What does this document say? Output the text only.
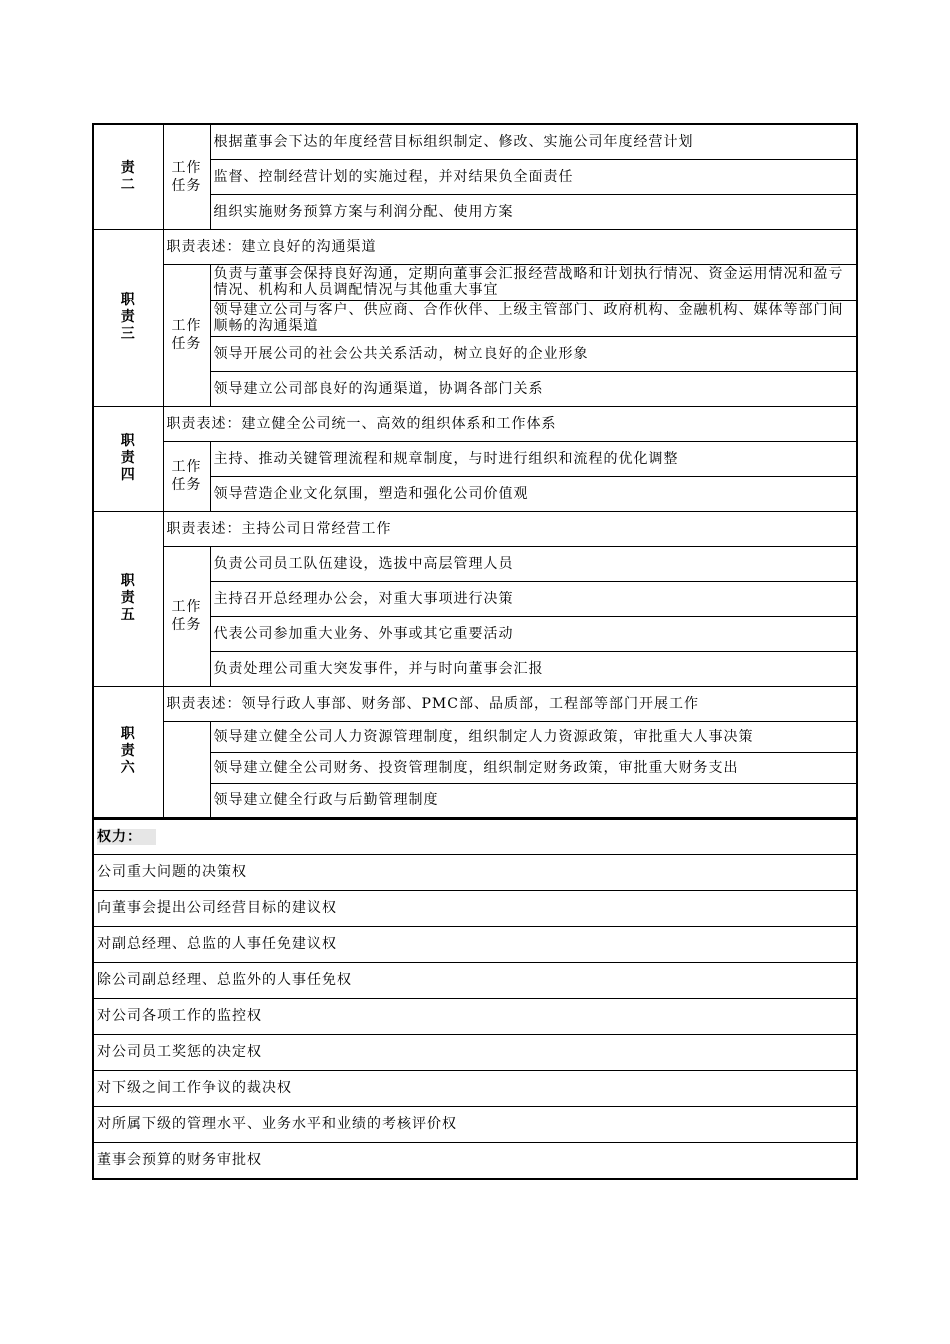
责二	工作任务	根据董事会下达的年度经营目标组织制定、修改、实施公司年度经营计划
		监督、控制经营计划的实施过程，并对结果负全面责任
		组织实施财务预算方案与利润分配、使用方案
职责三	职责表述：建立良好的沟通渠道	
	工作任务	负责与董事会保持良好沟通，定期向董事会汇报经营战略和计划执行情况、资金运用情况和盈亏情况、机构和人员调配情况与其他重大事宜
		领导建立公司与客户、供应商、合作伙伴、上级主管部门、政府机构、金融机构、媒体等部门间顺畅的沟通渠道
		领导开展公司的社会公共关系活动，树立良好的企业形象
		领导建立公司部良好的沟通渠道，协调各部门关系
职责四	职责表述：建立健全公司统一、高效的组织体系和工作体系	
	工作任务	主持、推动关键管理流程和规章制度，与时进行组织和流程的优化调整
		领导营造企业文化氛围，塑造和强化公司价值观
职责五	职责表述：主持公司日常经营工作	
	工作任务	负责公司员工队伍建设，选拔中高层管理人员
		主持召开总经理办公会，对重大事项进行决策
		代表公司参加重大业务、外事或其它重要活动
		负责处理公司重大突发事件，并与时向董事会汇报
职责六	职责表述：领导行政人事部、财务部、PMC部、品质部，工程部等部门开展工作	
		领导建立健全公司人力资源管理制度，组织制定人力资源政策，审批重大人事决策
		领导建立健全公司财务、投资管理制度，组织制定财务政策，审批重大财务支出
		领导建立健全行政与后勤管理制度
权力：
公司重大问题的决策权
向董事会提出公司经营目标的建议权
对副总经理、总监的人事任免建议权
除公司副总经理、总监外的人事任免权
对公司各项工作的监控权
对公司员工奖惩的决定权
对下级之间工作争议的裁决权
对所属下级的管理水平、业务水平和业绩的考核评价权
董事会预算的财务审批权
